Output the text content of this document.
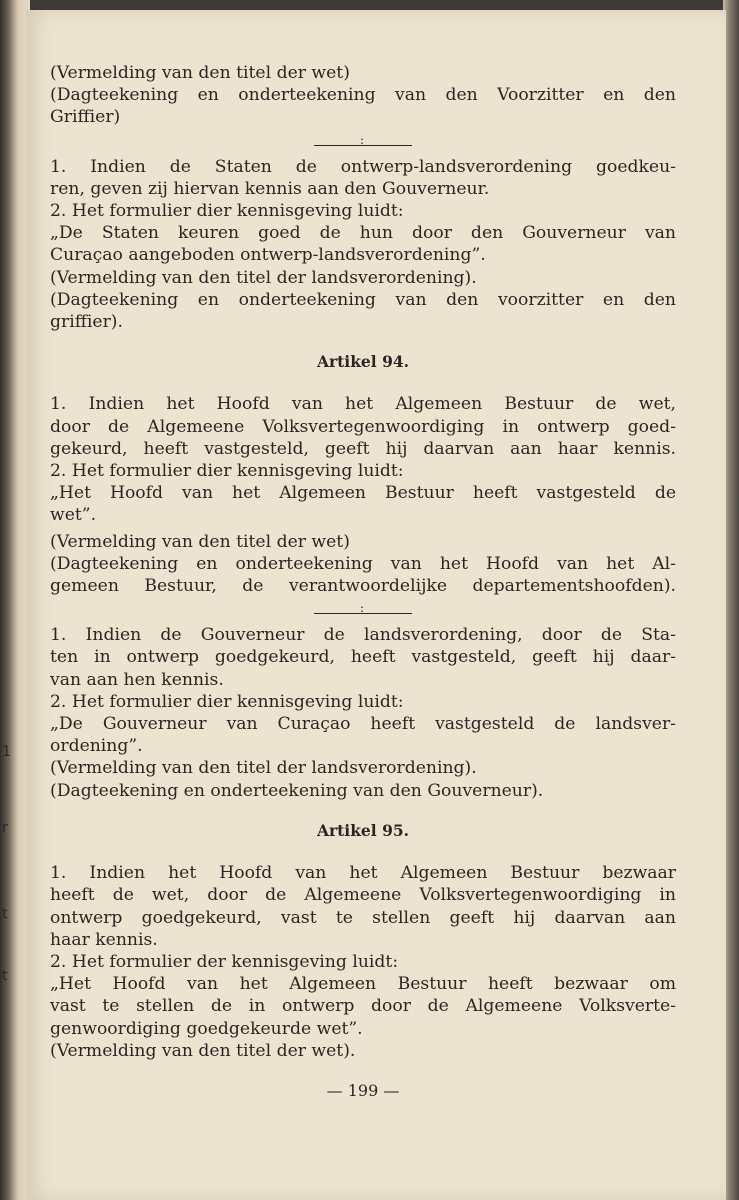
1
r
t
t
(Vermelding van den titel der wet)
(Dagteekening en onderteekening van den Voorzitter en den
Griffier)
:
1. Indien de Staten de ontwerp-landsverordening goedkeu-
ren, geven zij hiervan kennis aan den Gouverneur.
2. Het formulier dier kennisgeving luidt:
„De Staten keuren goed de hun door den Gouverneur van
Curaçao aangeboden ontwerp-landsverordening”.
(Vermelding van den titel der landsverordening).
(Dagteekening en onderteekening van den voorzitter en den
griffier).
Artikel 94.
1. Indien het Hoofd van het Algemeen Bestuur de wet,
door de Algemeene Volksvertegenwoordiging in ontwerp goed-
gekeurd, heeft vastgesteld, geeft hij daarvan aan haar kennis.
2. Het formulier dier kennisgeving luidt:
„Het Hoofd van het Algemeen Bestuur heeft vastgesteld de
wet”.
(Vermelding van den titel der wet)
(Dagteekening en onderteekening van het Hoofd van het Al-
gemeen Bestuur, de verantwoordelijke departementshoofden).
:
1. Indien de Gouverneur de landsverordening, door de Sta-
ten in ontwerp goedgekeurd, heeft vastgesteld, geeft hij daar-
van aan hen kennis.
2. Het formulier dier kennisgeving luidt:
„De Gouverneur van Curaçao heeft vastgesteld de landsver-
ordening”.
(Vermelding van den titel der landsverordening).
(Dagteekening en onderteekening van den Gouverneur).
Artikel 95.
1. Indien het Hoofd van het Algemeen Bestuur bezwaar
heeft de wet, door de Algemeene Volksvertegenwoordiging in
ontwerp goedgekeurd, vast te stellen geeft hij daarvan aan
haar kennis.
2. Het formulier der kennisgeving luidt:
„Het Hoofd van het Algemeen Bestuur heeft bezwaar om
vast te stellen de in ontwerp door de Algemeene Volksverte-
genwoordiging goedgekeurde wet”.
(Vermelding van den titel der wet).
— 199 —
